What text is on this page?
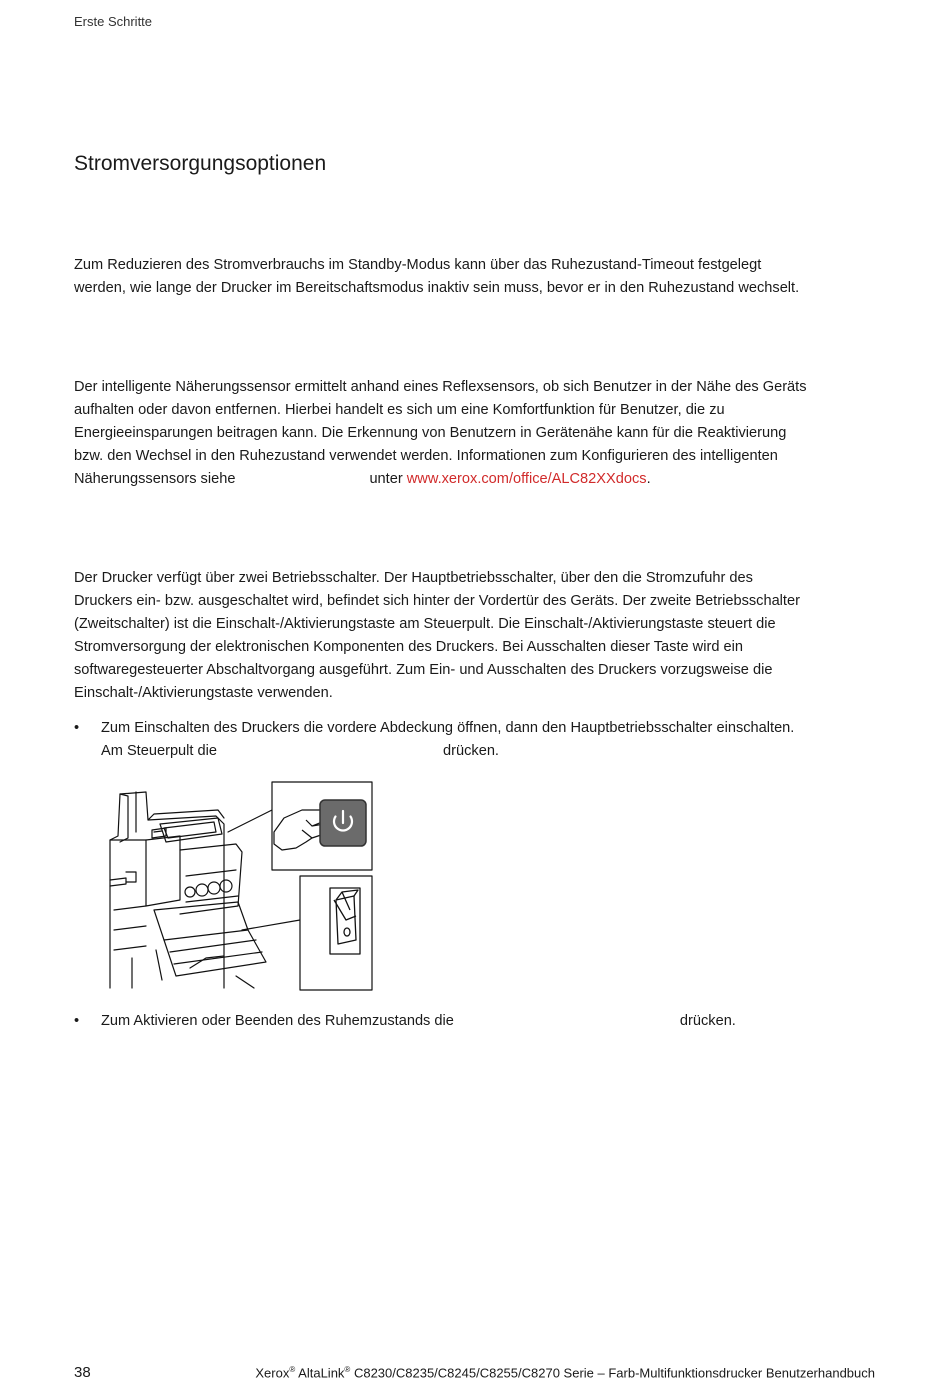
Erste Schritte
Stromversorgungsoptionen
Zum Reduzieren des Stromverbrauchs im Standby-Modus kann über das Ruhezustand-Timeout festgelegt
werden, wie lange der Drucker im Bereitschaftsmodus inaktiv sein muss, bevor er in den Ruhezustand wechselt.
Der intelligente Näherungssensor ermittelt anhand eines Reflexsensors, ob sich Benutzer in der Nähe des Geräts
aufhalten oder davon entfernen. Hierbei handelt es sich um eine Komfortfunktion für Benutzer, die zu
Energieeinsparungen beitragen kann. Die Erkennung von Benutzern in Gerätenähe kann für die Reaktivierung
bzw. den Wechsel in den Ruhezustand verwendet werden. Informationen zum Konfigurieren des intelligenten
Näherungssensors siehe	unter www.xerox.com/office/ALC82XXdocs.
Der Drucker verfügt über zwei Betriebsschalter. Der Hauptbetriebsschalter, über den die Stromzufuhr des
Druckers ein- bzw. ausgeschaltet wird, befindet sich hinter der Vordertür des Geräts. Der zweite Betriebsschalter
(Zweitschalter) ist die Einschalt-/Aktivierungstaste am Steuerpult. Die Einschalt-/Aktivierungstaste steuert die
Stromversorgung der elektronischen Komponenten des Druckers. Bei Ausschalten dieser Taste wird ein
softwaregesteuerter Abschaltvorgang ausgeführt. Zum Ein- und Ausschalten des Druckers vorzugsweise die
Einschalt-/Aktivierungstaste verwenden.
• Zum Einschalten des Druckers die vordere Abdeckung öffnen, dann den Hauptbetriebsschalter einschalten.
Am Steuerpult die	drücken.
• Zum Aktivieren oder Beenden des Ruhemzustands die	drücken.
38	Xerox® AltaLink® C8230/C8235/C8245/C8255/C8270 Serie – Farb-Multifunktionsdrucker Benutzerhandbuch
